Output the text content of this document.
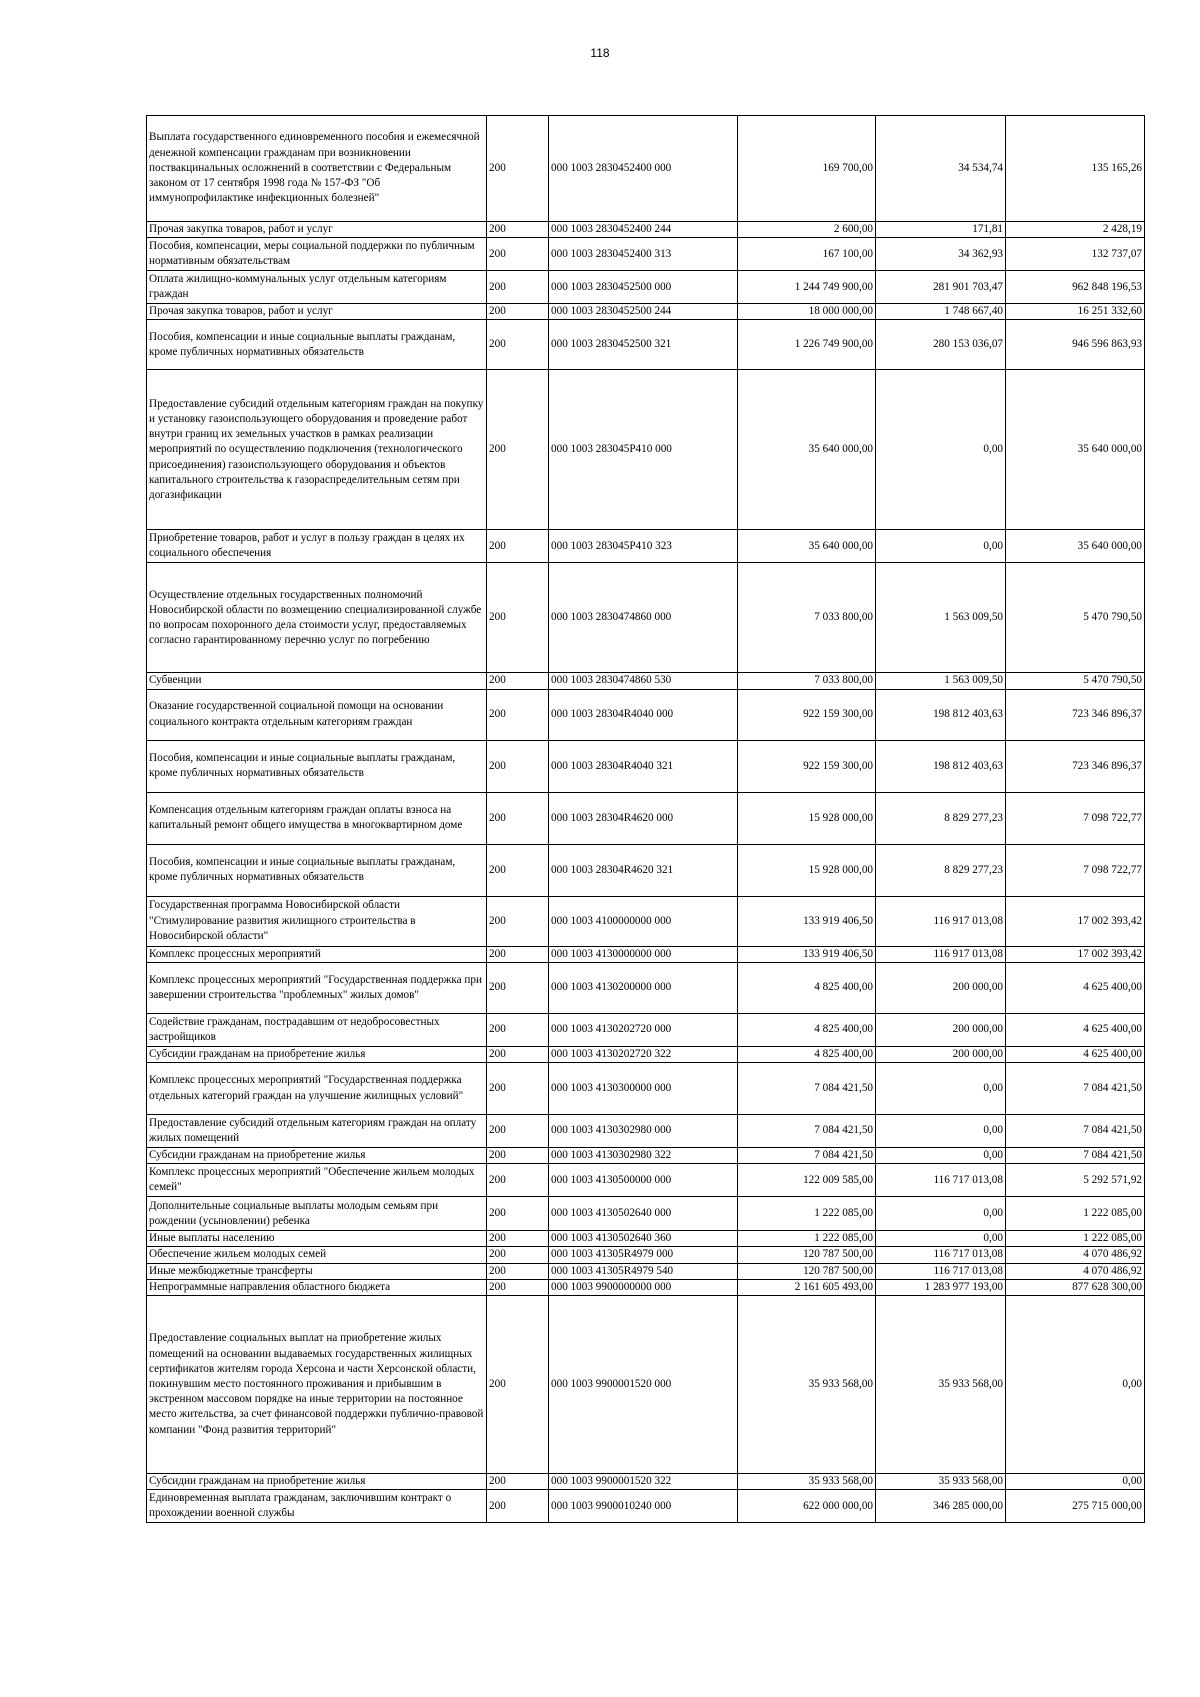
118
Выплата государственного единовременного пособия и ежемесячной денежной компенсации гражданам при возникновении поствакцинальных осложнений в соответствии с Федеральным законом от 17 сентября 1998 года № 157-ФЗ "Об иммунопрофилактике инфекционных болезней"	200	000 1003 2830452400 000	169 700,00	34 534,74	135 165,26
Прочая закупка товаров, работ и услуг	200	000 1003 2830452400 244	2 600,00	171,81	2 428,19
Пособия, компенсации, меры социальной поддержки по публичным нормативным обязательствам	200	000 1003 2830452400 313	167 100,00	34 362,93	132 737,07
Оплата жилищно-коммунальных услуг отдельным категориям граждан	200	000 1003 2830452500 000	1 244 749 900,00	281 901 703,47	962 848 196,53
Прочая закупка товаров, работ и услуг	200	000 1003 2830452500 244	18 000 000,00	1 748 667,40	16 251 332,60
Пособия, компенсации и иные социальные выплаты гражданам, кроме публичных нормативных обязательств	200	000 1003 2830452500 321	1 226 749 900,00	280 153 036,07	946 596 863,93
Предоставление субсидий отдельным категориям граждан на покупку и установку газоиспользующего оборудования и проведение работ внутри границ их земельных участков в рамках реализации мероприятий по осуществлению подключения (технологического присоединения) газоиспользующего оборудования и объектов капитального строительства к газораспределительным сетям при догазификации	200	000 1003 283045Р410 000	35 640 000,00	0,00	35 640 000,00
Приобретение товаров, работ и услуг в пользу граждан в целях их социального обеспечения	200	000 1003 283045Р410 323	35 640 000,00	0,00	35 640 000,00
Осуществление отдельных государственных полномочий Новосибирской области по возмещению специализированной службе по вопросам похоронного дела стоимости услуг, предоставляемых согласно гарантированному перечню услуг по погребению	200	000 1003 2830474860 000	7 033 800,00	1 563 009,50	5 470 790,50
Субвенции	200	000 1003 2830474860 530	7 033 800,00	1 563 009,50	5 470 790,50
Оказание государственной социальной помощи на основании социального контракта отдельным категориям граждан	200	000 1003 28304R4040 000	922 159 300,00	198 812 403,63	723 346 896,37
Пособия, компенсации и иные социальные выплаты гражданам, кроме публичных нормативных обязательств	200	000 1003 28304R4040 321	922 159 300,00	198 812 403,63	723 346 896,37
Компенсация отдельным категориям граждан оплаты взноса на капитальный ремонт общего имущества в многоквартирном доме	200	000 1003 28304R4620 000	15 928 000,00	8 829 277,23	7 098 722,77
Пособия, компенсации и иные социальные выплаты гражданам, кроме публичных нормативных обязательств	200	000 1003 28304R4620 321	15 928 000,00	8 829 277,23	7 098 722,77
Государственная программа Новосибирской области "Стимулирование развития жилищного строительства в Новосибирской области"	200	000 1003 4100000000 000	133 919 406,50	116 917 013,08	17 002 393,42
Комплекс процессных мероприятий	200	000 1003 4130000000 000	133 919 406,50	116 917 013,08	17 002 393,42
Комплекс процессных мероприятий "Государственная поддержка при завершении строительства "проблемных" жилых домов"	200	000 1003 4130200000 000	4 825 400,00	200 000,00	4 625 400,00
Содействие гражданам, пострадавшим от недобросовестных застройщиков	200	000 1003 4130202720 000	4 825 400,00	200 000,00	4 625 400,00
Субсидии гражданам на приобретение жилья	200	000 1003 4130202720 322	4 825 400,00	200 000,00	4 625 400,00
Комплекс процессных мероприятий "Государственная поддержка отдельных категорий граждан на улучшение жилищных условий"	200	000 1003 4130300000 000	7 084 421,50	0,00	7 084 421,50
Предоставление субсидий отдельным категориям граждан на оплату жилых помещений	200	000 1003 4130302980 000	7 084 421,50	0,00	7 084 421,50
Субсидии гражданам на приобретение жилья	200	000 1003 4130302980 322	7 084 421,50	0,00	7 084 421,50
Комплекс процессных мероприятий "Обеспечение жильем молодых семей"	200	000 1003 4130500000 000	122 009 585,00	116 717 013,08	5 292 571,92
Дополнительные социальные выплаты молодым семьям при рождении (усыновлении) ребенка	200	000 1003 4130502640 000	1 222 085,00	0,00	1 222 085,00
Иные выплаты населению	200	000 1003 4130502640 360	1 222 085,00	0,00	1 222 085,00
Обеспечение жильем молодых семей	200	000 1003 41305R4979 000	120 787 500,00	116 717 013,08	4 070 486,92
Иные межбюджетные трансферты	200	000 1003 41305R4979 540	120 787 500,00	116 717 013,08	4 070 486,92
Непрограммные направления областного бюджета	200	000 1003 9900000000 000	2 161 605 493,00	1 283 977 193,00	877 628 300,00
Предоставление социальных выплат на приобретение жилых помещений на основании выдаваемых государственных жилищных сертификатов жителям города Херсона и части Херсонской области, покинувшим место постоянного проживания и прибывшим в экстренном массовом порядке на иные территории на постоянное место жительства, за счет финансовой поддержки публично-правовой компании "Фонд развития территорий"	200	000 1003 9900001520 000	35 933 568,00	35 933 568,00	0,00
Субсидии гражданам на приобретение жилья	200	000 1003 9900001520 322	35 933 568,00	35 933 568,00	0,00
Единовременная выплата гражданам, заключившим контракт о прохождении военной службы	200	000 1003 9900010240 000	622 000 000,00	346 285 000,00	275 715 000,00
